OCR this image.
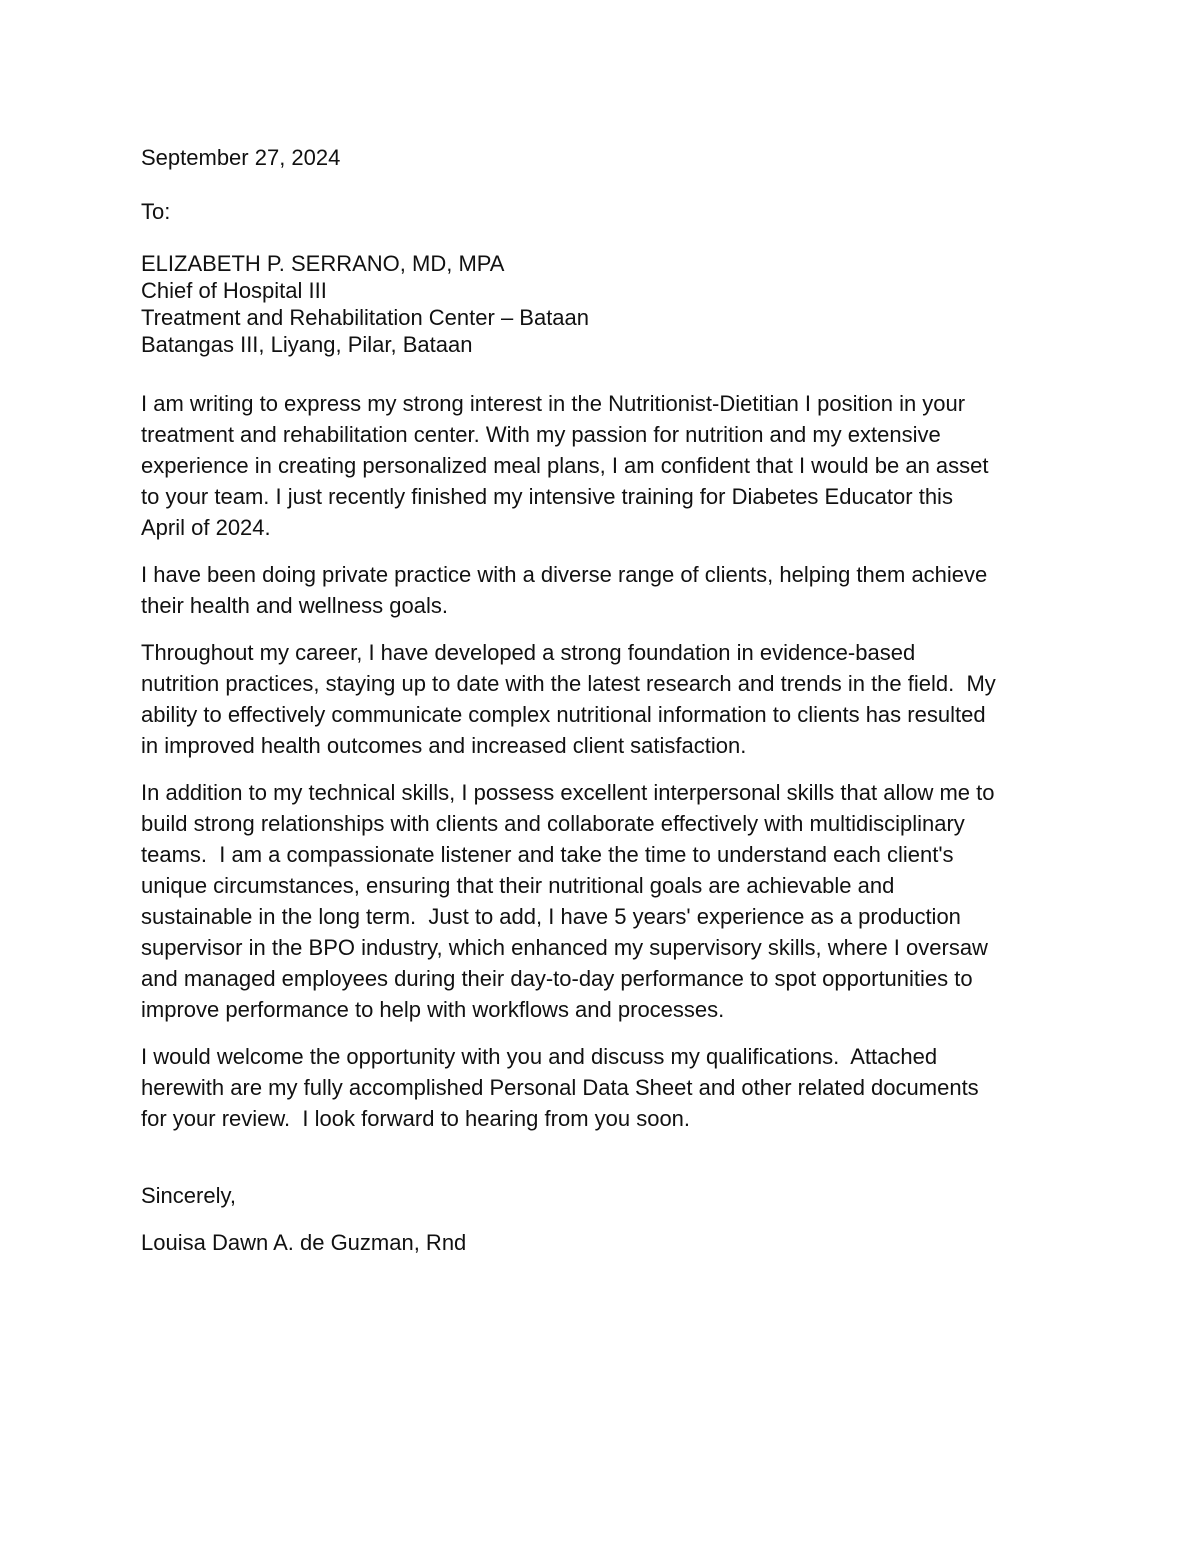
September 27, 2024
To:
ELIZABETH P. SERRANO, MD, MPA
Chief of Hospital III
Treatment and Rehabilitation Center – Bataan
Batangas III, Liyang, Pilar, Bataan

I am writing to express my strong interest in the Nutritionist-Dietitian I position in your
treatment and rehabilitation center. With my passion for nutrition and my extensive
experience in creating personalized meal plans, I am confident that I would be an asset
to your team. I just recently finished my intensive training for Diabetes Educator this
April of 2024.

I have been doing private practice with a diverse range of clients, helping them achieve
their health and wellness goals.

Throughout my career, I have developed a strong foundation in evidence-based
nutrition practices, staying up to date with the latest research and trends in the field.  My
ability to effectively communicate complex nutritional information to clients has resulted
in improved health outcomes and increased client satisfaction.

In addition to my technical skills, I possess excellent interpersonal skills that allow me to
build strong relationships with clients and collaborate effectively with multidisciplinary
teams.  I am a compassionate listener and take the time to understand each client's
unique circumstances, ensuring that their nutritional goals are achievable and
sustainable in the long term.  Just to add, I have 5 years' experience as a production
supervisor in the BPO industry, which enhanced my supervisory skills, where I oversaw
and managed employees during their day-to-day performance to spot opportunities to
improve performance to help with workflows and processes.

I would welcome the opportunity with you and discuss my qualifications.  Attached
herewith are my fully accomplished Personal Data Sheet and other related documents
for your review.  I look forward to hearing from you soon.

Sincerely,
Louisa Dawn A. de Guzman, Rnd
